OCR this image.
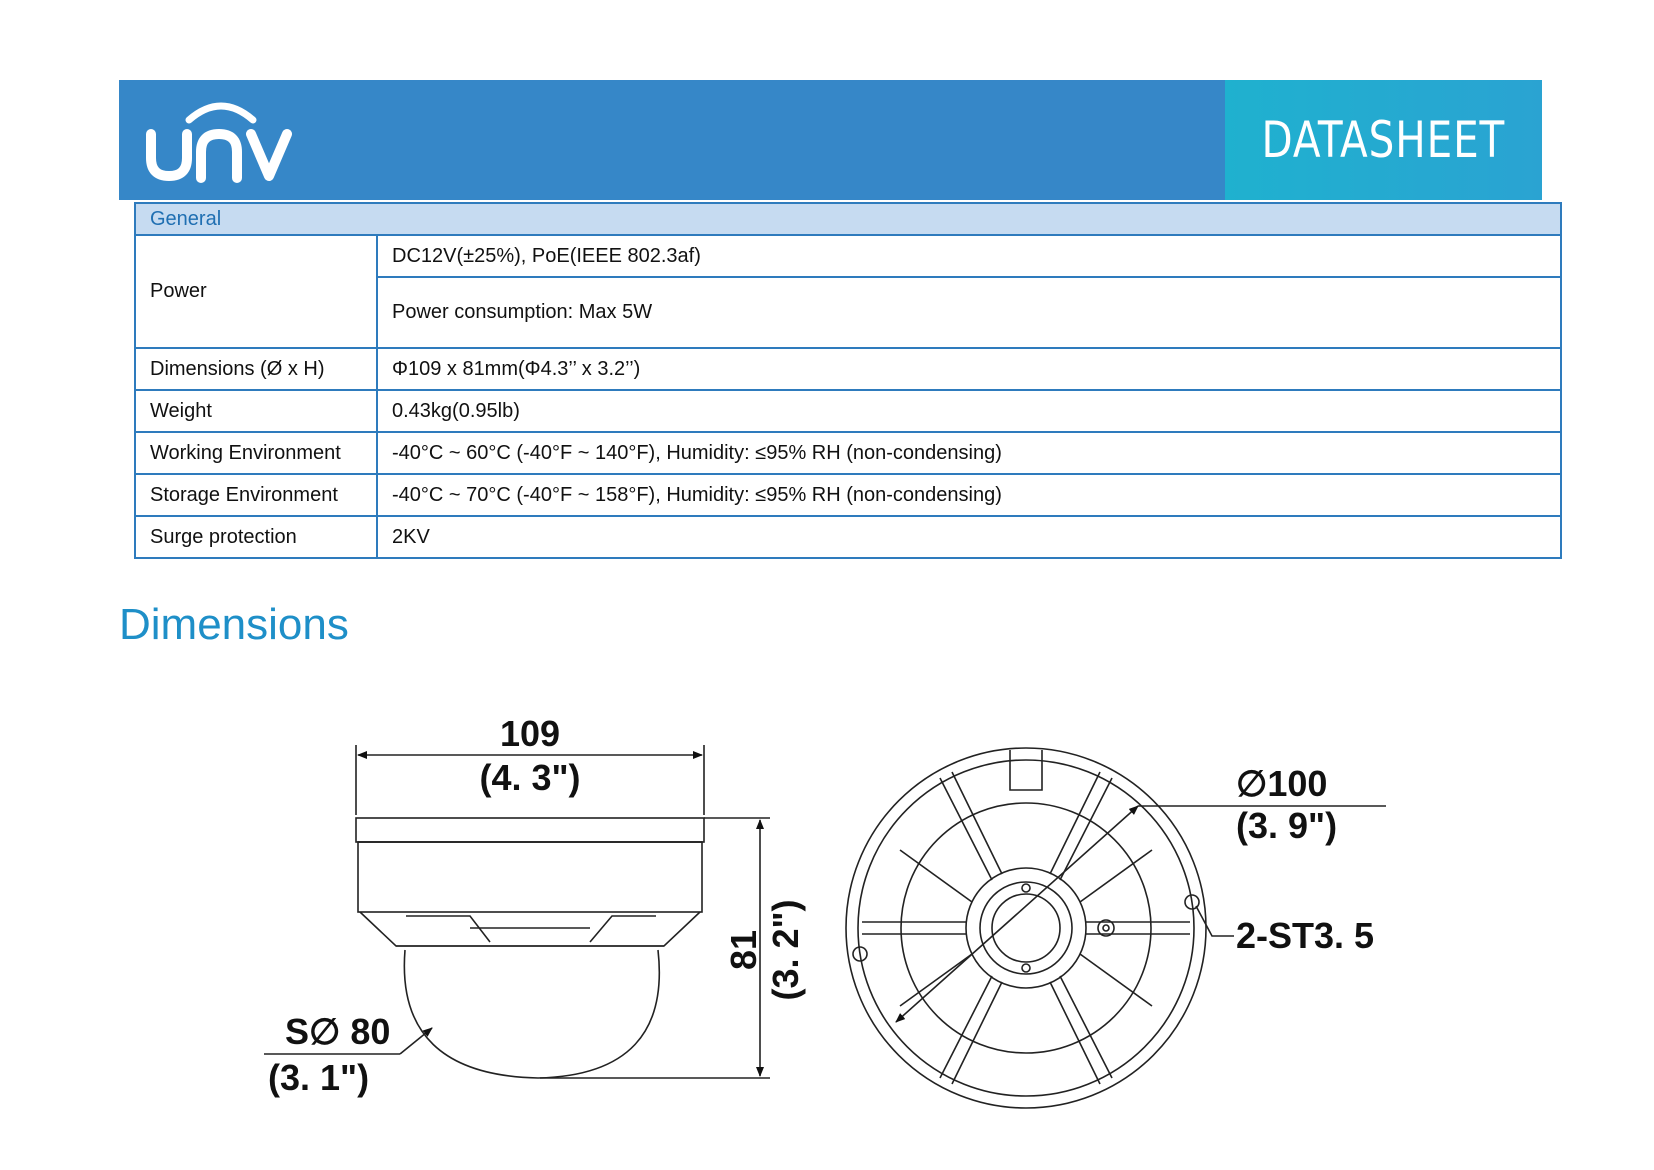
DATASHEET
General	
Power	DC12V(±25%), PoE(IEEE 802.3af)
	Power consumption: Max 5W
Dimensions (Ø x H)	Φ109 x 81mm(Φ4.3’’ x 3.2’’)
Weight	0.43kg(0.95lb)
Working Environment	-40°C ~ 60°C (-40°F ~ 140°F), Humidity: ≤95% RH (non-condensing)
Storage Environment	-40°C ~ 70°C (-40°F ~ 158°F), Humidity: ≤95% RH (non-condensing)
Surge protection	2KV
Dimensions
109
(4. 3")
81 (3. 2")
S∅ 80
(3. 1")
∅100
(3. 9")
2-ST3. 5
